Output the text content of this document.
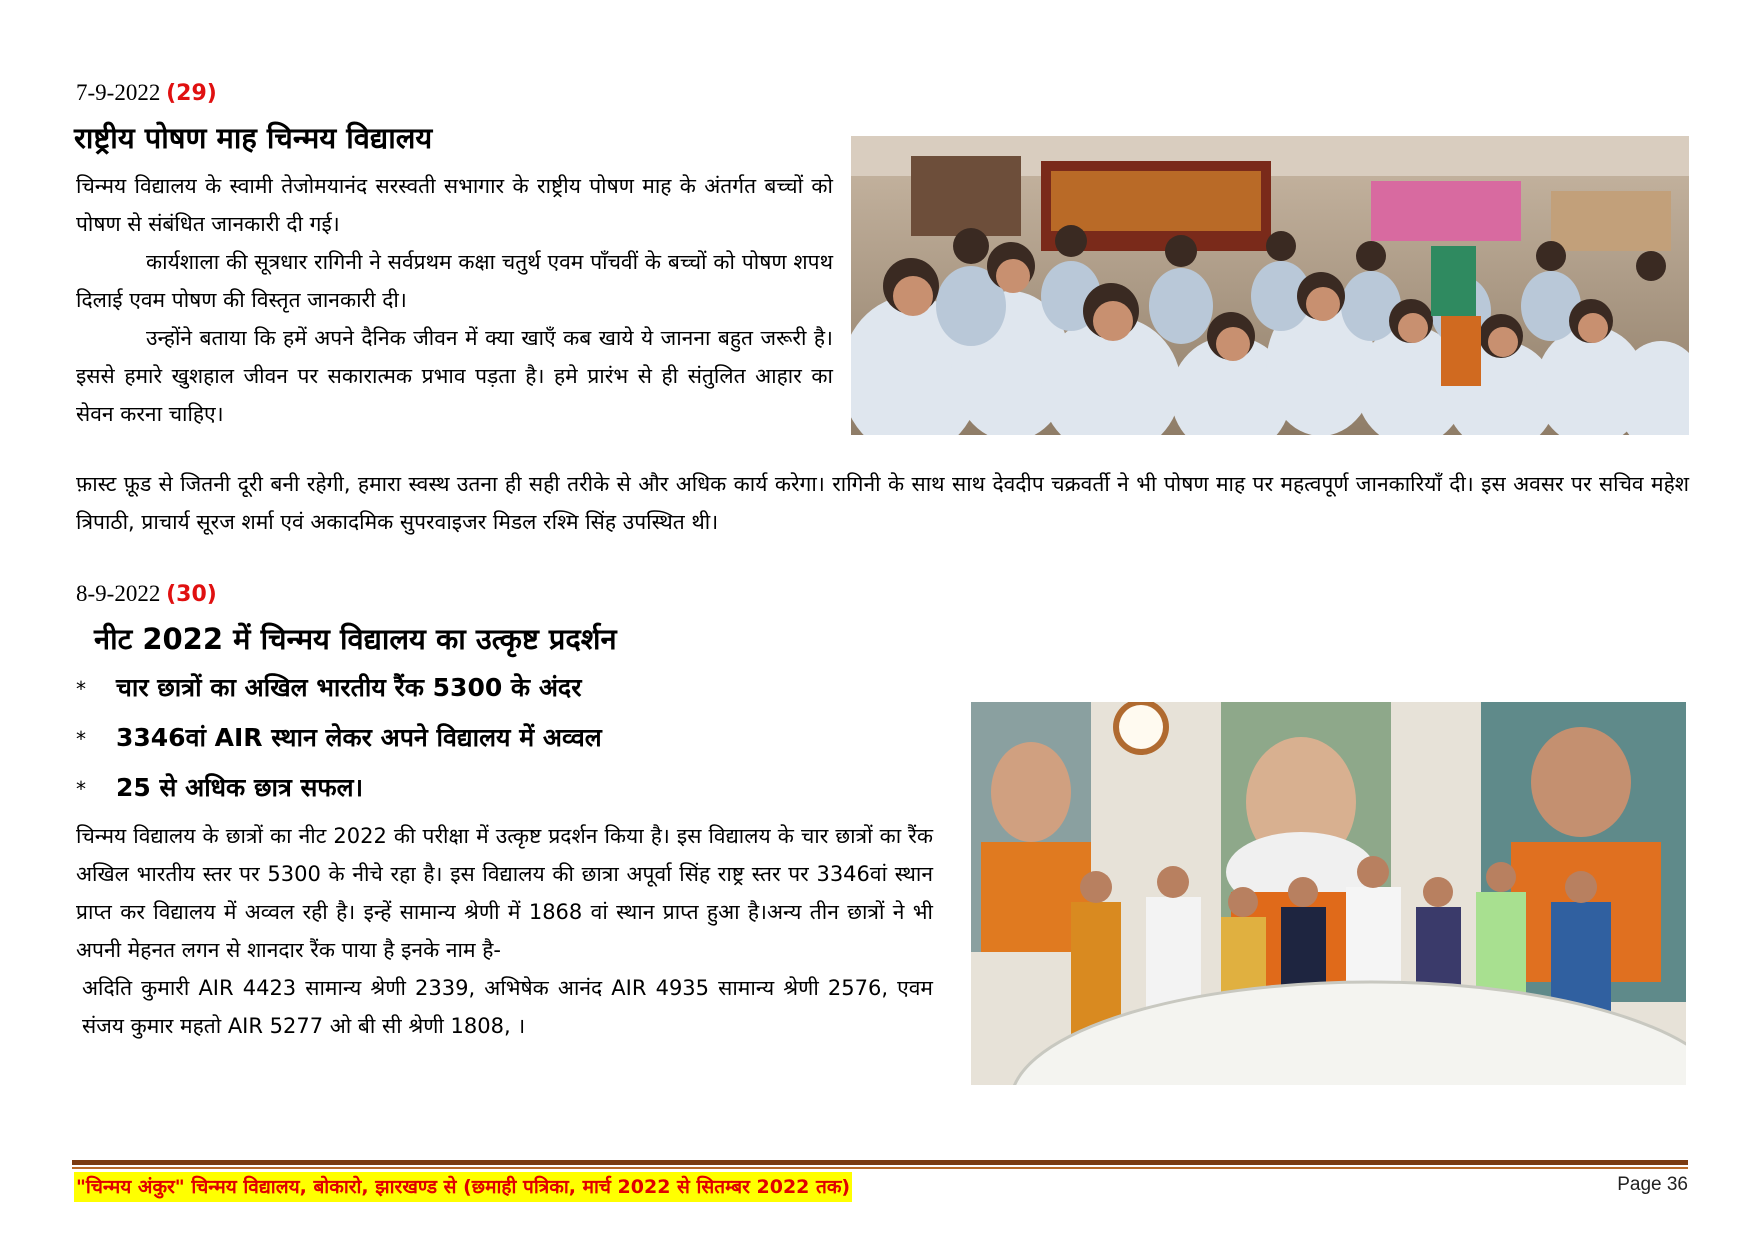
7-9-2022 (29)
राष्ट्रीय पोषण माह चिन्मय विद्यालय
चिन्मय विद्यालय के स्वामी तेजोमयानंद सरस्वती सभागार के राष्ट्रीय पोषण माह के अंतर्गत बच्चों को पोषण से संबंधित जानकारी दी गई।
कार्यशाला की सूत्रधार रागिनी ने सर्वप्रथम कक्षा चतुर्थ एवम पाँचवीं के बच्चों को पोषण शपथ दिलाई एवम पोषण की विस्तृत जानकारी दी।
उन्होंने बताया कि हमें अपने दैनिक जीवन में क्या खाएँ कब खाये ये जानना बहुत जरूरी है। इससे हमारे खुशहाल जीवन पर सकारात्मक प्रभाव पड़ता है। हमे प्रारंभ से ही संतुलित आहार का सेवन करना चाहिए।
फ़ास्ट फ़ूड से जितनी दूरी बनी रहेगी, हमारा स्वस्थ उतना ही सही तरीके से और अधिक कार्य करेगा। रागिनी के साथ साथ देवदीप चक्रवर्ती ने भी पोषण माह पर महत्वपूर्ण जानकारियाँ दी। इस अवसर पर सचिव महेश त्रिपाठी, प्राचार्य सूरज शर्मा एवं अकादमिक सुपरवाइजर मिडल रश्मि सिंह उपस्थित थी।
8-9-2022 (30)
नीट 2022 में चिन्मय विद्यालय का उत्कृष्ट प्रदर्शन
* चार छात्रों का अखिल भारतीय रैंक 5300 के अंदर
* 3346वां AIR स्थान लेकर अपने विद्यालय में अव्वल
* 25 से अधिक छात्र सफल।
चिन्मय विद्यालय के छात्रों का नीट 2022 की परीक्षा में उत्कृष्ट प्रदर्शन किया है। इस विद्यालय के चार छात्रों का रैंक अखिल भारतीय स्तर पर 5300 के नीचे रहा है। इस विद्यालय की छात्रा अपूर्वा सिंह राष्ट्र स्तर पर 3346वां स्थान प्राप्त कर विद्यालय में अव्वल रही है। इन्हें सामान्य श्रेणी में 1868 वां स्थान प्राप्त हुआ है।अन्य तीन छात्रों ने भी अपनी मेहनत लगन से शानदार रैंक पाया है इनके नाम है-
अदिति कुमारी AIR 4423 सामान्य श्रेणी 2339, अभिषेक आनंद AIR 4935 सामान्य श्रेणी 2576, एवम संजय कुमार महतो AIR 5277 ओ बी सी श्रेणी 1808, ।
"चिन्मय अंकुर" चिन्मय विद्यालय, बोकारो, झारखण्ड से (छमाही पत्रिका, मार्च 2022 से सितम्बर 2022 तक)	Page 36
